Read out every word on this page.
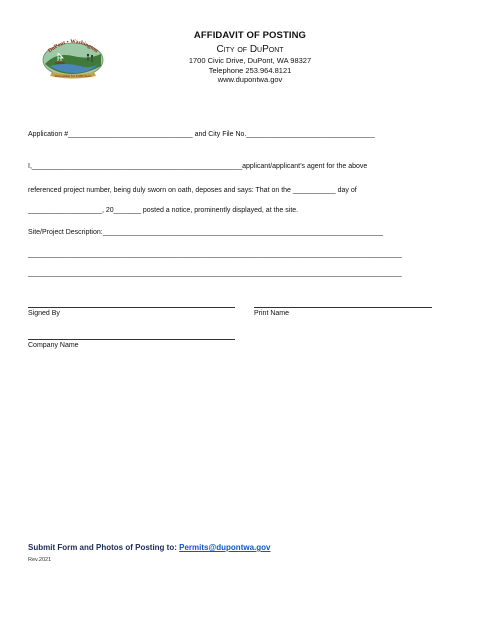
Welcoming for 3,000 Years
DuPont • Washington
AFFIDAVIT OF POSTING
City of DuPont
1700 Civic Drive, DuPont, WA 98327
Telephone 253.964.8121
www.dupontwa.gov
Application #________________________________ and City File No._________________________________
I,______________________________________________________applicant/applicant’s agent for the above
referenced project number, being duly sworn on oath, deposes and says: That on the ___________ day of
___________________, 20_______ posted a notice, prominently displayed, at the site.
Site/Project Description:________________________________________________________________________
________________________________________________________________________________________________
________________________________________________________________________________________________
Signed By	Print Name
Company Name
Submit Form and Photos of Posting to: Permits@dupontwa.gov
Rev.2021
